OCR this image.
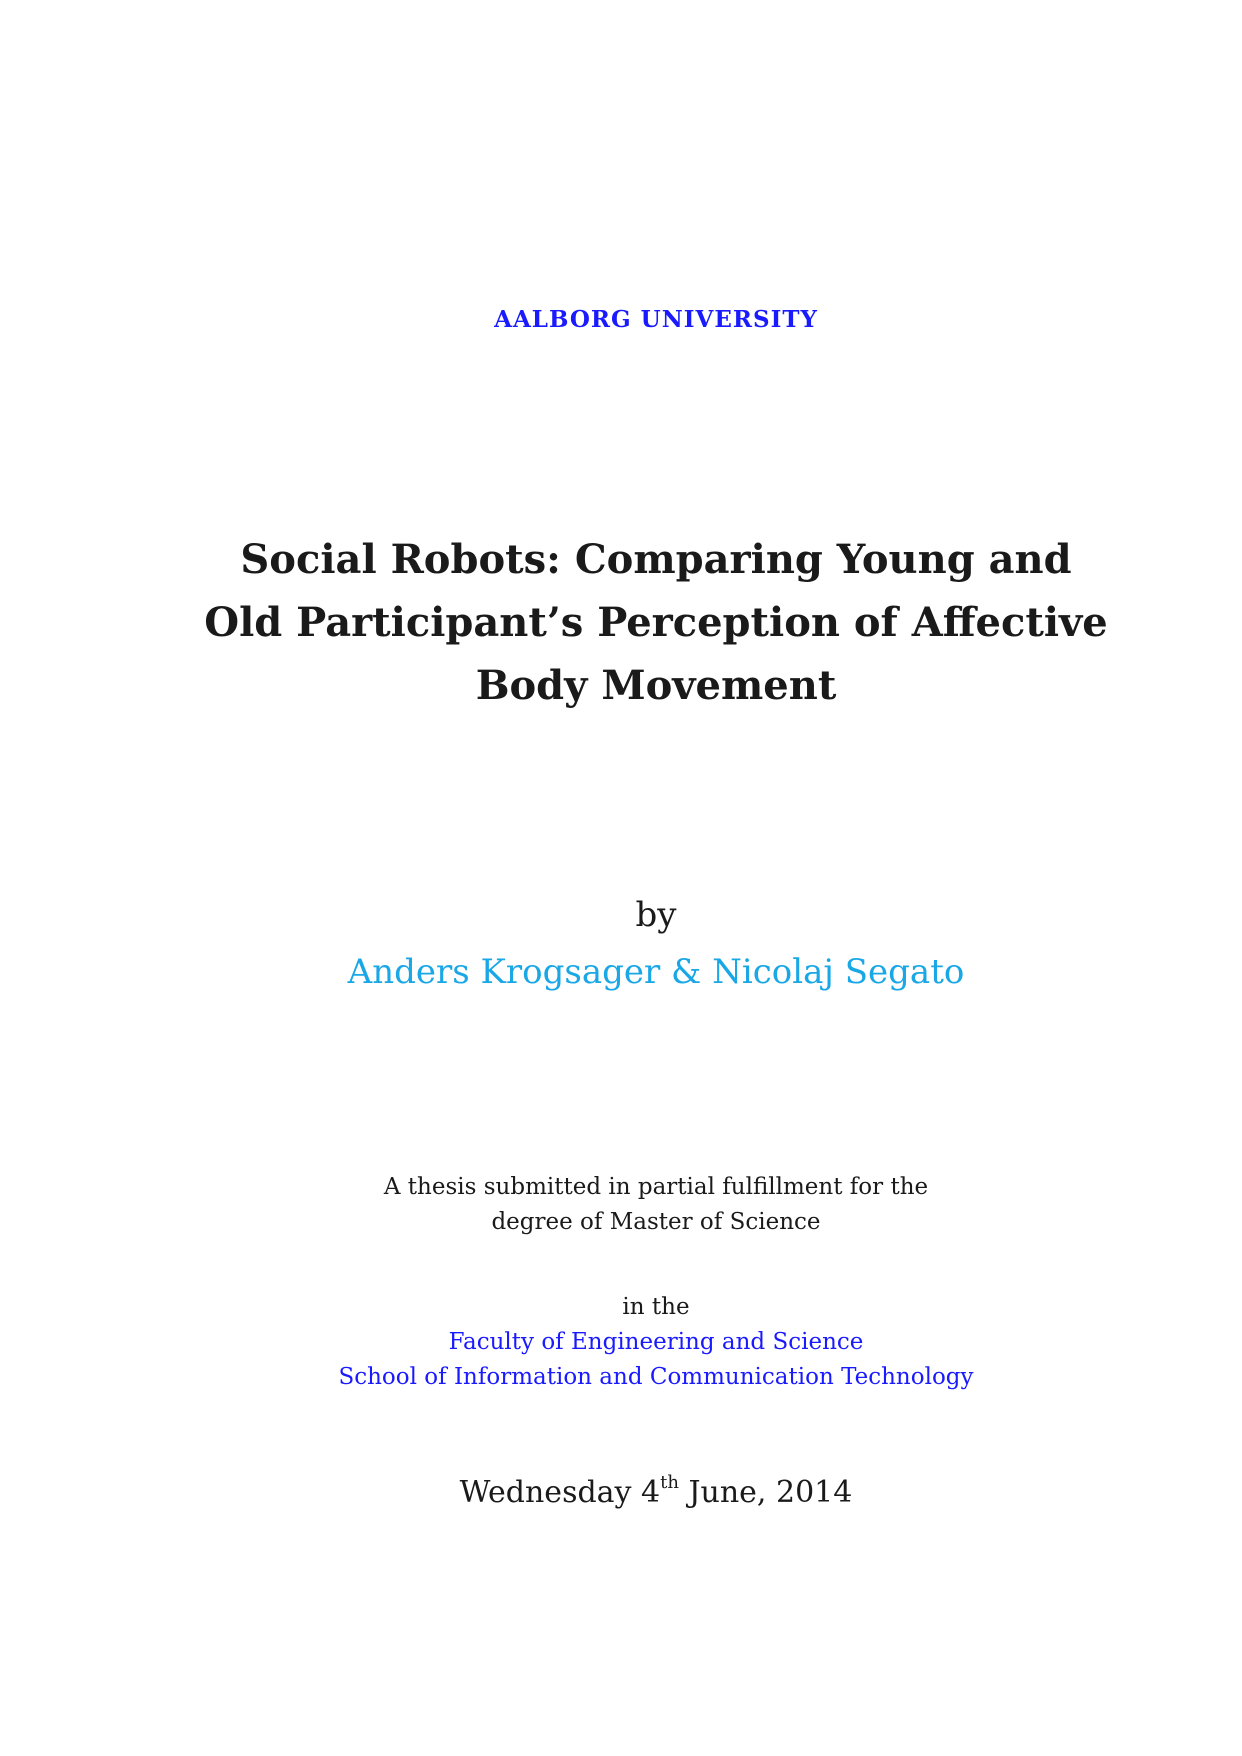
AALBORG UNIVERSITY
Social Robots: Comparing Young and
Old Participant’s Perception of Affective
Body Movement
by
Anders Krogsager & Nicolaj Segato
A thesis submitted in partial fulfillment for the
degree of Master of Science
in the
Faculty of Engineering and Science
School of Information and Communication Technology
Wednesday 4th June, 2014
